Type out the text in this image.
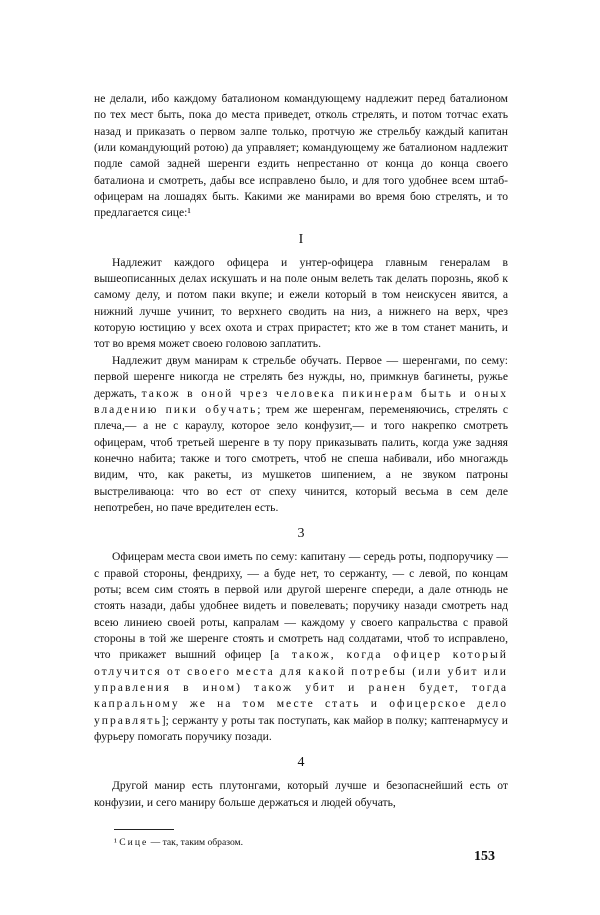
не делали, ибо каждому баталионом командующему надлежит перед баталионом по тех мест быть, пока до места приведет, отколь стрелять, и потом тотчас ехать назад и приказать о первом залпе только, протчую же стрельбу каждый капитан (или командующий ротою) да управляет; командующему же баталионом надлежит подле самой задней шеренги ездить непрестанно от конца до конца своего баталиона и смотреть, дабы все исправлено было, и для того удобнее всем штаб-офицерам на лошадях быть. Какими же манирами во время бою стрелять, и то предлагается сице:¹

I

Надлежит каждого офицера и унтер-офицера главным генералам в вышеописанных делах искушать и на поле оным велеть так делать порознь, якоб к самому делу, и потом паки вкупе; и ежели который в том неискусен явится, а нижний лучше учинит, то верхнего сводить на низ, а нижнего на верх, чрез которую юстицию у всех охота и страх прирастет; кто же в том станет манить, и тот во время может своею головою заплатить.

Надлежит двум манирам к стрельбе обучать. Первое — шеренгами, по сему: первой шеренге никогда не стрелять без нужды, но, примкнув багинеты, ружье держать, також в оной чрез человека пикинерам быть и оных владению пики обучать; трем же шеренгам, переменяючись, стрелять с плеча,— а не с караулу, которое зело конфузит,— и того накрепко смотреть офицерам, чтоб третьей шеренге в ту пору приказывать палить, когда уже задняя конечно набита; также и того смотреть, чтоб не спеша набивали, ибо многаждь видим, что, как ракеты, из мушкетов шипением, а не звуком патроны выстреливаюца: что во ест от спеху чинится, который весьма в сем деле непотребен, но паче вредителен есть.

3

Офицерам места свои иметь по сему: капитану — середь роты, подпоручику — с правой стороны, фендриху, — а буде нет, то сержанту, — с левой, по концам роты; всем сим стоять в первой или другой шеренге спереди, а дале отнюдь не стоять назади, дабы удобнее видеть и повелевать; поручику назади смотреть над всею линиею своей роты, капралам — каждому у своего капральства с правой стороны в той же шеренге стоять и смотреть над солдатами, чтоб то исправлено, что прикажет вышний офицер [а також, когда офицер который отлучится от своего места для какой потребы (или убит или управления в ином) також убит и ранен будет, тогда капральному же на том месте стать и офицерское дело управлять]; сержанту у роты так поступать, как майор в полку; каптенармусу и фурьеру помогать поручику позади.

4

Другой манир есть плутонгами, который лучше и безопаснейший есть от конфузии, и сего маниру больше держаться и людей обучать,

¹ Сице — так, таким образом.
153
